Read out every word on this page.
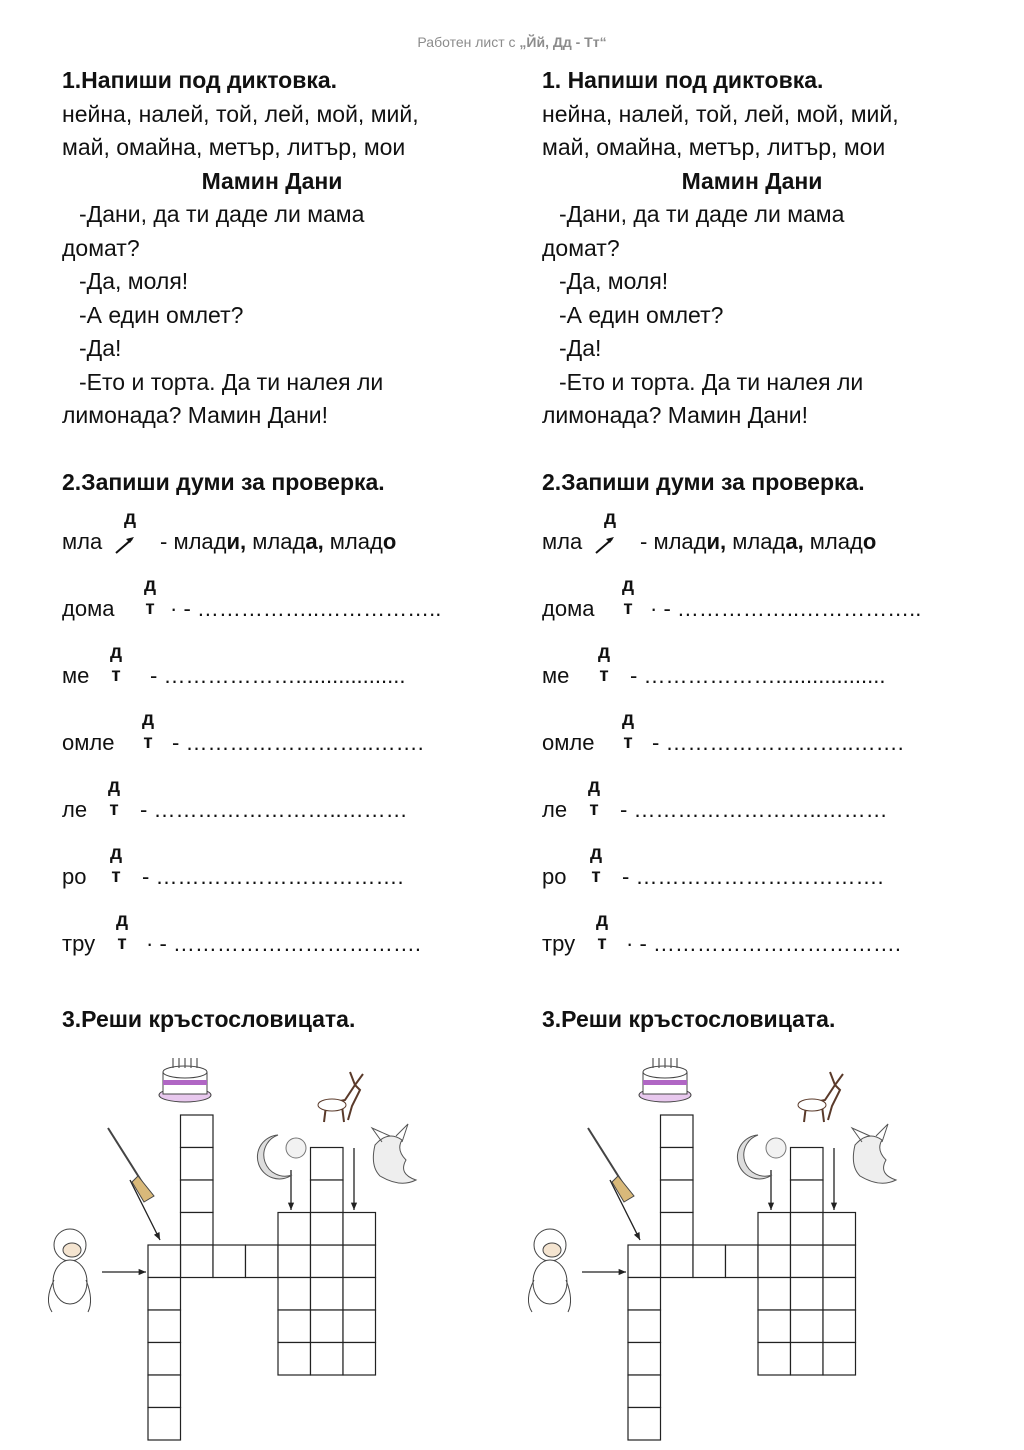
Работен лист с „Йй, Дд - Тт“
1.Напиши под диктовка.
нейна, налей, той, лей, мой, мий,
май, омайна, метър, литър, мои
Мамин Дани
-Дани, да ти даде ли мама
домат?
-Да, моля!
-А един омлет?
-Да!
-Ето и торта. Да ти налея ли
лимонада? Мамин Дани!
2.Запиши думи за проверка.
мла
д
- млади, млада, младо
дома
д
т · - ……………..……………..
ме
д
т - ………………..................
омле
д
т - ……………………..…….
ле
д
т - ……………………..………
ро
д
т - …………………………….
тру
д
т · - …………………………….
1. Напиши под диктовка.
нейна, налей, той, лей, мой, мий,
май, омайна, метър, литър, мои
Мамин Дани
-Дани, да ти даде ли мама
домат?
-Да, моля!
-А един омлет?
-Да!
-Ето и торта. Да ти налея ли
лимонада? Мамин Дани!
2.Запиши думи за проверка.
мла
д
- млади, млада, младо
дома
д
т · - ……………..……………..
ме
д
т - ………………..................
омле
д
т - ……………………..…….
ле
д
т - ……………………..………
ро
д
т - …………………………….
тру
д
т · - …………………………….
3.Реши кръстословицата.	3.Реши кръстословицата.
